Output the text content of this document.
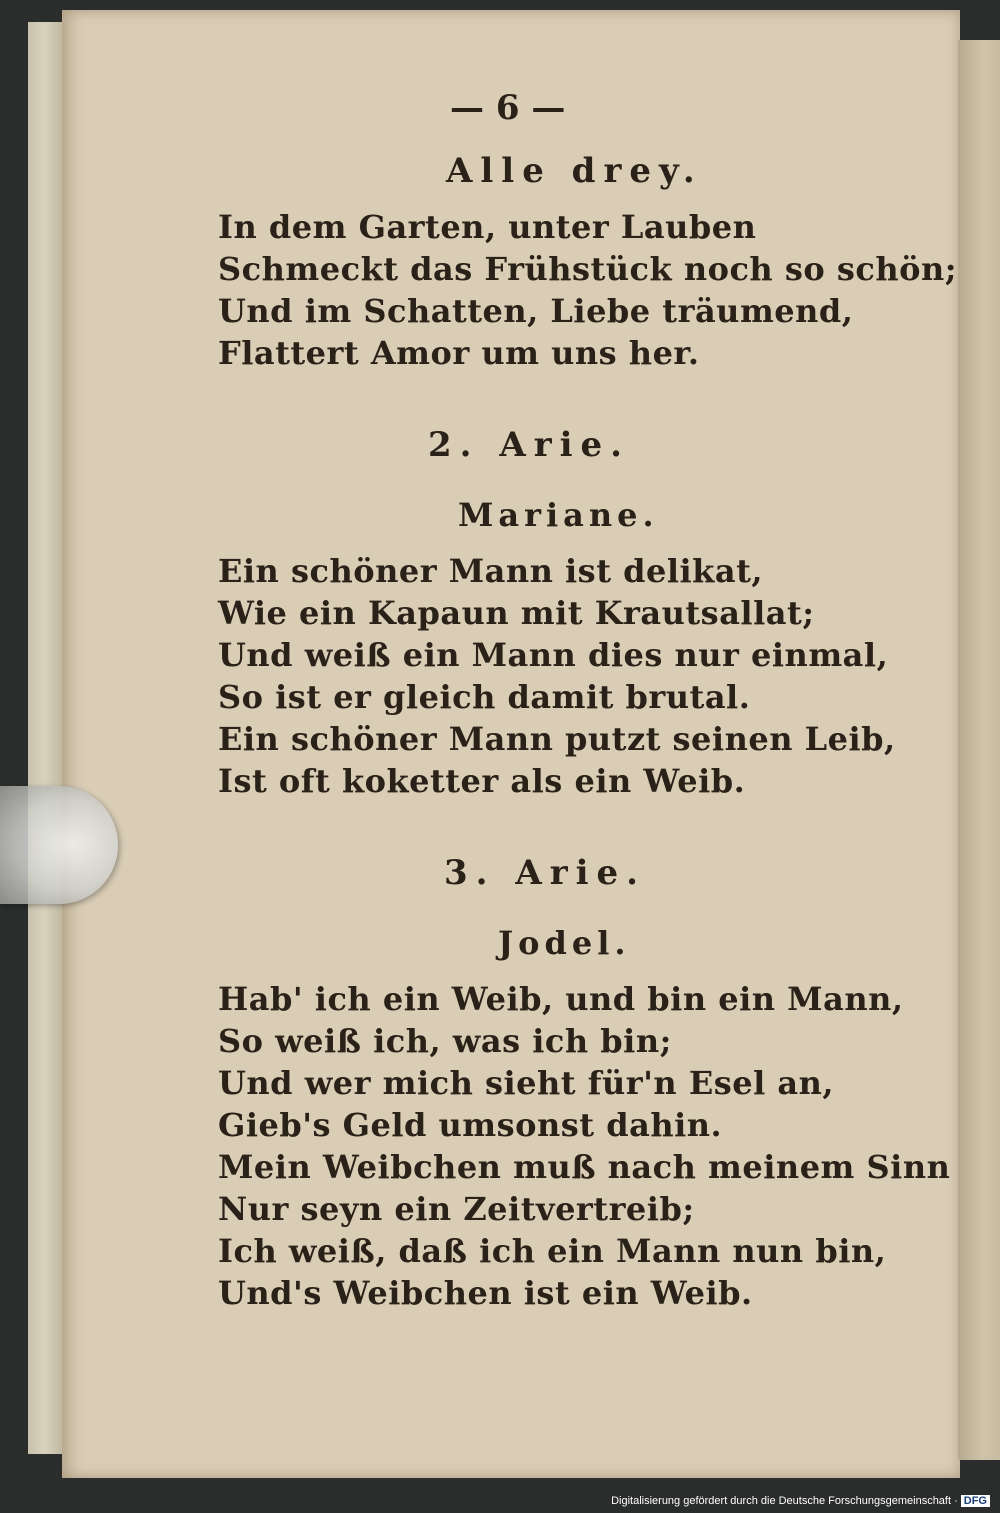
— 6 —
Alle drey.
In dem Garten, unter Lauben
Schmeckt das Frühstück noch so schön;
Und im Schatten, Liebe träumend,
Flattert Amor um uns her.
2. Arie.
Mariane.
Ein schöner Mann ist delikat,
Wie ein Kapaun mit Krautsallat;
Und weiß ein Mann dies nur einmal,
So ist er gleich damit brutal.
Ein schöner Mann putzt seinen Leib,
Ist oft koketter als ein Weib.
3. Arie.
Jodel.
Hab' ich ein Weib, und bin ein Mann,
So weiß ich, was ich bin;
Und wer mich sieht für'n Esel an,
Gieb's Geld umsonst dahin.
Mein Weibchen muß nach meinem Sinn
Nur seyn ein Zeitvertreib;
Ich weiß, daß ich ein Mann nun bin,
Und's Weibchen ist ein Weib.
Digitalisierung gefördert durch die Deutsche Forschungsgemeinschaft · DFG
